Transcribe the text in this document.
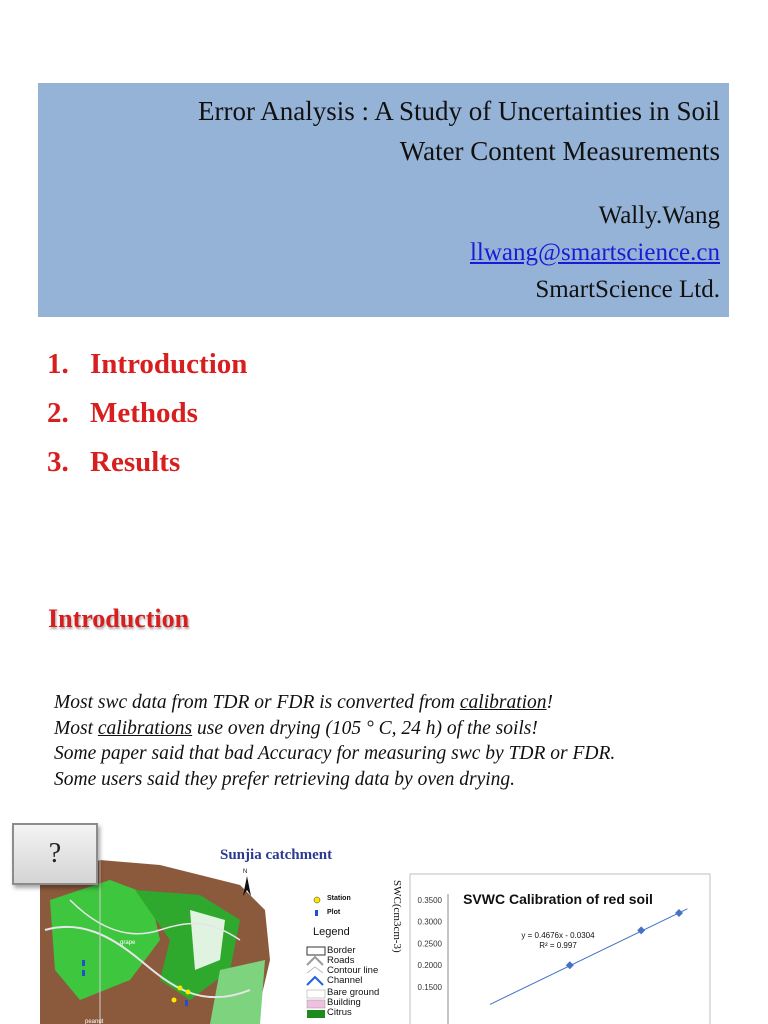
Error Analysis : A Study of Uncertainties in Soil
Water Content Measurements
Wally.Wang
llwang@smartscience.cn
SmartScience Ltd.
1. Introduction
2. Methods
3. Results
Introduction
Most swc data from TDR or FDR is converted from calibration!
Most calibrations use oven drying (105 ° C, 24 h) of the soils!
Some paper said that bad Accuracy for measuring swc by TDR or FDR.
Some users said they prefer retrieving data by oven drying.
grape
peanut
N
Sunjia catchment
Station
Plot
Legend
Border
Roads
Contour line
Channel
Bare ground
Building
Citrus
SWC(cm3cm-3)	SVWC Calibration of red soil
y = 0.4676x - 0.0304
R² = 0.997
0.3500
0.3000
0.2500
0.2000
0.1500
?
